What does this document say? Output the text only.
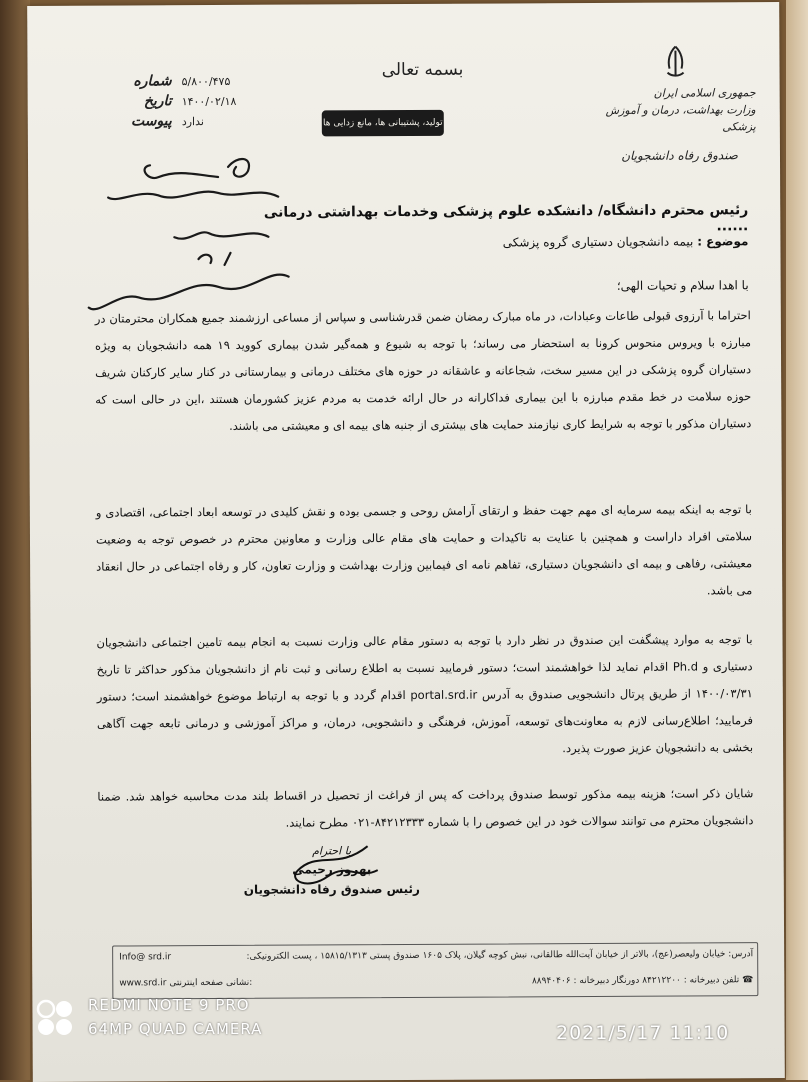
بسمه تعالی
جمهوری اسلامی ایران
وزارت بهداشت، درمان و آموزش پزشکی
صندوق رفاه دانشجویان
تولید، پشتیبانی ها، مانع زدایی ها
شماره ۵/۸۰۰/۴۷۵
تاریخ ۱۴۰۰/۰۲/۱۸
پیوست ندارد
رئیس محترم دانشگاه/ دانشکده علوم پزشکی وخدمات بهداشتی درمانی ......
موضوع : بیمه دانشجویان دستیاری گروه پزشکی
با اهدا سلام و تحیات الهی؛
احتراما با آرزوی قبولی طاعات وعبادات، در ماه مبارک رمضان ضمن قدرشناسی و سپاس از مساعی ارزشمند جمیع همکاران محترمتان در مبارزه با ویروس منحوس کرونا به استحضار می رساند؛ با توجه به شیوع و همه‌گیر شدن بیماری کووید ۱۹ همه دانشجویان به ویژه دستیاران گروه پزشکی در این مسیر سخت، شجاعانه و عاشقانه در حوزه های مختلف درمانی و بیمارستانی در کنار سایر کارکنان شریف حوزه سلامت در خط مقدم مبارزه با این بیماری فداکارانه در حال ارائه خدمت به مردم عزیز کشورمان هستند ،این در حالی است که دستیاران مذکور با توجه به شرایط کاری نیازمند حمایت های بیشتری از جنبه های بیمه ای و معیشتی می باشند.
با توجه به اینکه بیمه سرمایه ای مهم جهت حفظ و ارتقای آرامش روحی و جسمی بوده و نقش کلیدی در توسعه ابعاد اجتماعی، اقتصادی و سلامتی افراد داراست و همچنین با عنایت به تاکیدات و حمایت های مقام عالی وزارت و معاونین محترم در خصوص توجه به وضعیت معیشتی، رفاهی و بیمه ای دانشجویان دستیاری، تفاهم نامه ای فیمابین وزارت بهداشت و وزارت تعاون، کار و رفاه اجتماعی در حال انعقاد می باشد.
با توجه به موارد پیشگفت این صندوق در نظر دارد با توجه به دستور مقام عالی وزارت نسبت به انجام بیمه تامین اجتماعی دانشجویان دستیاری و Ph.d اقدام نماید لذا خواهشمند است؛ دستور فرمایید نسبت به اطلاع رسانی و ثبت نام از دانشجویان مذکور حداکثر تا تاریخ ۱۴۰۰/۰۳/۳۱ از طریق پرتال دانشجویی صندوق به آدرس portal.srd.ir اقدام گردد و با توجه به ارتباط موضوع خواهشمند است؛ دستور فرمایید؛ اطلاع‌رسانی لازم به معاونت‌های توسعه، آموزش، فرهنگی و دانشجویی، درمان، و مراکز آموزشی و درمانی تابعه جهت آگاهی بخشی به دانشجویان عزیز صورت پذیرد.
شایان ذکر است؛ هزینه بیمه مذکور توسط صندوق پرداخت که پس از فراغت از تحصیل در اقساط بلند مدت محاسبه خواهد شد. ضمنا دانشجویان محترم می توانند سوالات خود در این خصوص را با شماره ۸۴۲۱۲۳۳۳-۰۲۱ مطرح نمایند.
با احترام
بهروز رحیمی
رئیس صندوق رفاه دانشجویان
آدرس: خیابان ولیعصر(عج)، بالاتر از خیابان آیت‌الله طالقانی، نبش کوچه گیلان، پلاک ۱۶۰۵ صندوق پستی ۱۵۸۱۵/۱۳۱۳ ، پست الکترونیکی:
Info@ srd.ir
☎ تلفن دبیرخانه : ۸۴۲۱۲۲۰۰ دورنگار دبیرخانه : ۸۸۹۴۰۴۰۶
www.srd.ir نشانی صفحه اینترنتی:
REDMI NOTE 9 PRO
64MP QUAD CAMERA	2021/5/17 11:10
